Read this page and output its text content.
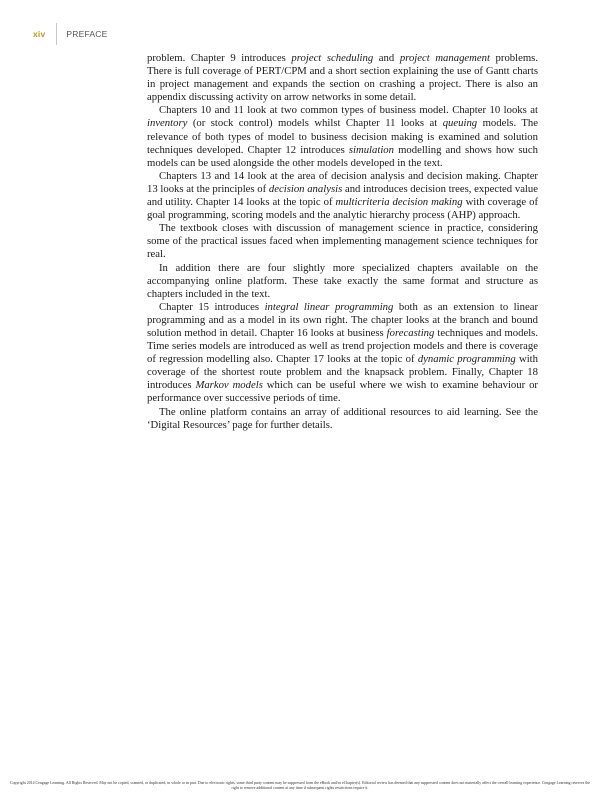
xiv PREFACE

problem. Chapter 9 introduces project scheduling and project management problems. There is full coverage of PERT/CPM and a short section explaining the use of Gantt charts in project management and expands the section on crashing a project. There is also an appendix discussing activity on arrow networks in some detail.

Chapters 10 and 11 look at two common types of business model. Chapter 10 looks at inventory (or stock control) models whilst Chapter 11 looks at queuing models. The relevance of both types of model to business decision making is examined and solution techniques developed. Chapter 12 introduces simulation modelling and shows how such models can be used alongside the other models developed in the text.

Chapters 13 and 14 look at the area of decision analysis and decision making. Chapter 13 looks at the principles of decision analysis and introduces decision trees, expected value and utility. Chapter 14 looks at the topic of multicriteria decision making with coverage of goal programming, scoring models and the analytic hierarchy process (AHP) approach.

The textbook closes with discussion of management science in practice, considering some of the practical issues faced when implementing management science techniques for real.

In addition there are four slightly more specialized chapters available on the accompanying online platform. These take exactly the same format and structure as chapters included in the text.

Chapter 15 introduces integral linear programming both as an extension to linear programming and as a model in its own right. The chapter looks at the branch and bound solution method in detail. Chapter 16 looks at business forecasting techniques and models. Time series models are introduced as well as trend projection models and there is coverage of regression modelling also. Chapter 17 looks at the topic of dynamic programming with coverage of the shortest route problem and the knapsack problem. Finally, Chapter 18 introduces Markov models which can be useful where we wish to examine behaviour or performance over successive periods of time.

The online platform contains an array of additional resources to aid learning. See the ‘Digital Resources’ page for further details.

Copyright 2014 Cengage Learning. All Rights Reserved. May not be copied, scanned, or duplicated, in whole or in part. Due to electronic rights, some third party content may be suppressed from the eBook and/or eChapter(s). Editorial review has deemed that any suppressed content does not materially affect the overall learning experience. Cengage Learning reserves the right to remove additional content at any time if subsequent rights restrictions require it.
